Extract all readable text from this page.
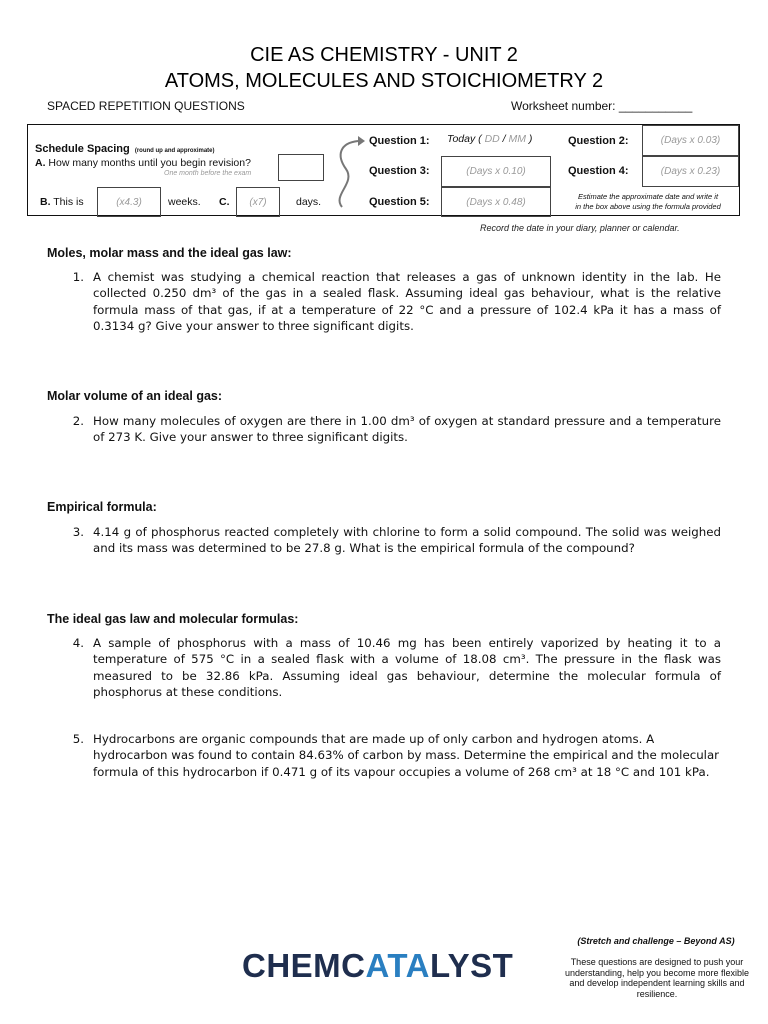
CIE AS CHEMISTRY - UNIT 2
ATOMS, MOLECULES AND STOICHIOMETRY 2
SPACED REPETITION QUESTIONS	Worksheet number: ___________
Schedule Spacing (round up and approximate)
A. How many months until you begin revision?
One month before the exam
B. This is	(x4.3)	weeks. C.	(x7)	days.
Question 1: Today ( DD / MM )	Question 2:	(Days x 0.03)
Question 3:	(Days x 0.10)	Question 4:	(Days x 0.23)
Question 5:	(Days x 0.48)	Estimate the approximate date and write it
in the box above using the formula provided
Record the date in your diary, planner or calendar.
Moles, molar mass and the ideal gas law:
1. A chemist was studying a chemical reaction that releases a gas of unknown identity in the lab. He collected 0.250 dm³ of the gas in a sealed flask. Assuming ideal gas behaviour, what is the relative formula mass of that gas, if at a temperature of 22 °C and a pressure of 102.4 kPa it has a mass of 0.3134 g? Give your answer to three significant digits.
Molar volume of an ideal gas:
2. How many molecules of oxygen are there in 1.00 dm³ of oxygen at standard pressure and a temperature of 273 K. Give your answer to three significant digits.
Empirical formula:
3. 4.14 g of phosphorus reacted completely with chlorine to form a solid compound. The solid was weighed and its mass was determined to be 27.8 g. What is the empirical formula of the compound?
The ideal gas law and molecular formulas:
4. A sample of phosphorus with a mass of 10.46 mg has been entirely vaporized by heating it to a temperature of 575 °C in a sealed flask with a volume of 18.08 cm³. The pressure in the flask was measured to be 32.86 kPa. Assuming ideal gas behaviour, determine the molecular formula of phosphorus at these conditions.
5. Hydrocarbons are organic compounds that are made up of only carbon and hydrogen atoms. A hydrocarbon was found to contain 84.63% of carbon by mass. Determine the empirical and the molecular formula of this hydrocarbon if 0.471 g of its vapour occupies a volume of 268 cm³ at 18 °C and 101 kPa.
CHEMCATALYST
(Stretch and challenge – Beyond AS)
These questions are designed to push your understanding, help you become more flexible and develop independent learning skills and resilience.
